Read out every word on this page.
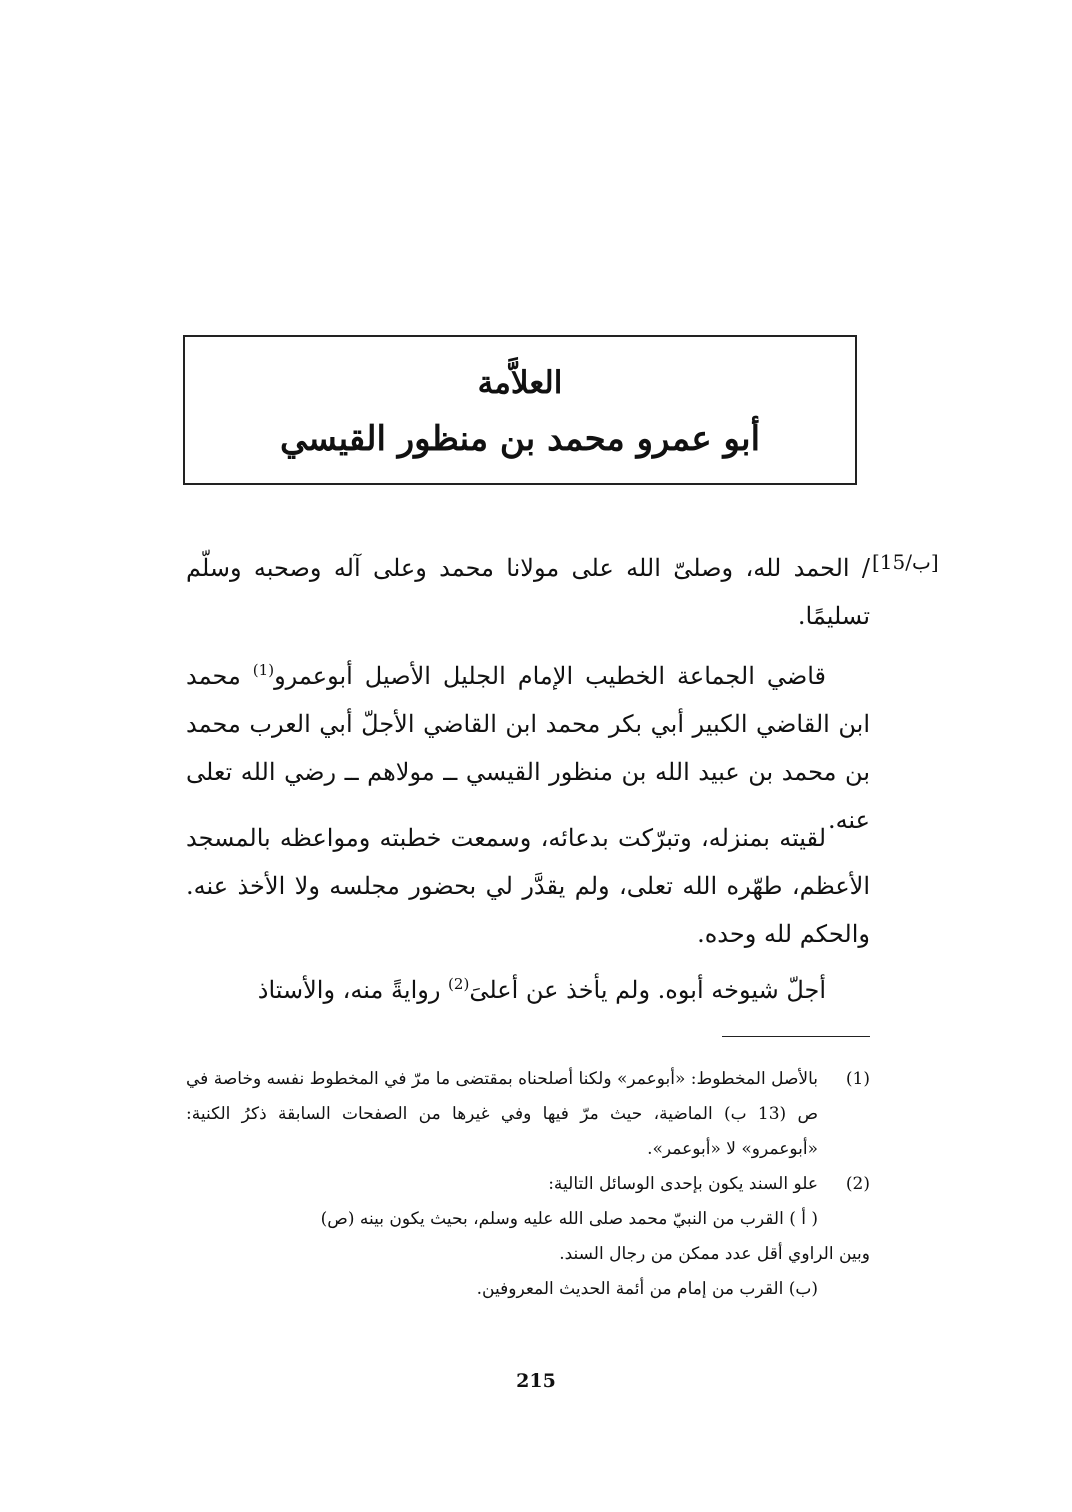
العلاَّمة
أبو عمرو محمد بن منظور القيسي
[15/ب]
/ الحمد لله، وصلىّ الله على مولانا محمد وعلى آله وصحبه وسلّم تسليمًا.
قاضي الجماعة الخطيب الإمام الجليل الأصيل أبوعمرو$^{(1)}$ محمد ابن القاضي الكبير أبي بكر محمد ابن القاضي الأجلّ أبي العرب محمد بن محمد بن عبيد الله بن منظور القيسي ــ مولاهم ــ رضي الله تعلى عنه.
لقيته بمنزله، وتبرّكت بدعائه، وسمعت خطبته ومواعظه بالمسجد الأعظم، طهّره الله تعلى، ولم يقدَّر لي بحضور مجلسه ولا الأخذ عنه. والحكم لله وحده.
أجلّ شيوخه أبوه. ولم يأخذ عن أعلىَ$^{(2)}$ روايةً منه، والأستاذ
(1)
بالأصل المخطوط: «أبوعمر» ولكنا أصلحناه بمقتضى ما مرّ في المخطوط نفسه وخاصة في ص (13 ب) الماضية، حيث مرّ فيها وفي غيرها من الصفحات السابقة ذكرُ الكنية: «أبوعمرو» لا «أبوعمر».
(2)
علو السند يكون بإحدى الوسائل التالية:
( أ ) القرب من النبيّ محمد صلى الله عليه وسلم، بحيث يكون بينه (ص)
وبين الراوي أقل عدد ممكن من رجال السند.
(ب) القرب من إمام من أئمة الحديث المعروفين.
215
